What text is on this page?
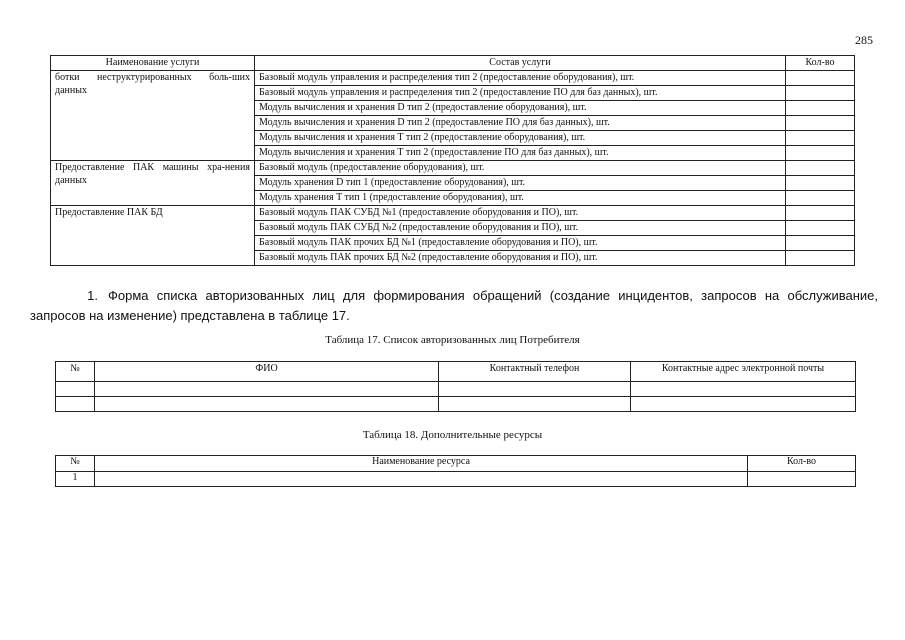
285
Наименование услуги	Состав услуги	Кол-во
ботки неструктурированных боль-ших данных	Базовый модуль управления и распределения тип 2 (предоставление оборудования), шт.	
	Базовый модуль управления и распределения тип 2 (предоставление ПО для баз данных), шт.	
	Модуль вычисления и хранения D тип 2 (предоставление оборудования), шт.	
	Модуль вычисления и хранения D тип 2 (предоставление ПО для баз данных), шт.	
	Модуль вычисления и хранения T тип 2 (предоставление оборудования), шт.	
	Модуль вычисления и хранения T тип 2 (предоставление ПО для баз данных), шт.	
Предоставление ПАК машины хра-нения данных	Базовый модуль (предоставление оборудования), шт.	
	Модуль хранения D тип 1 (предоставление оборудования), шт.	
	Модуль хранения T тип 1 (предоставление оборудования), шт.	
Предоставление ПАК БД	Базовый модуль ПАК СУБД №1 (предоставление оборудования и ПО), шт.	
	Базовый модуль ПАК СУБД №2 (предоставление оборудования и ПО), шт.	
	Базовый модуль ПАК прочих БД №1 (предоставление оборудования и ПО), шт.	
	Базовый модуль ПАК прочих БД №2 (предоставление оборудования и ПО), шт.	
1. Форма списка авторизованных лиц для формирования обращений (создание инцидентов, запросов на обслуживание, запросов на изменение) представлена в таблице 17.
Таблица 17. Список авторизованных лиц Потребителя
№	ФИО	Контактный телефон	Контактные адрес электронной почты

Таблица 18. Дополнительные ресурсы
№	Наименование ресурса	Кол-во
1		
